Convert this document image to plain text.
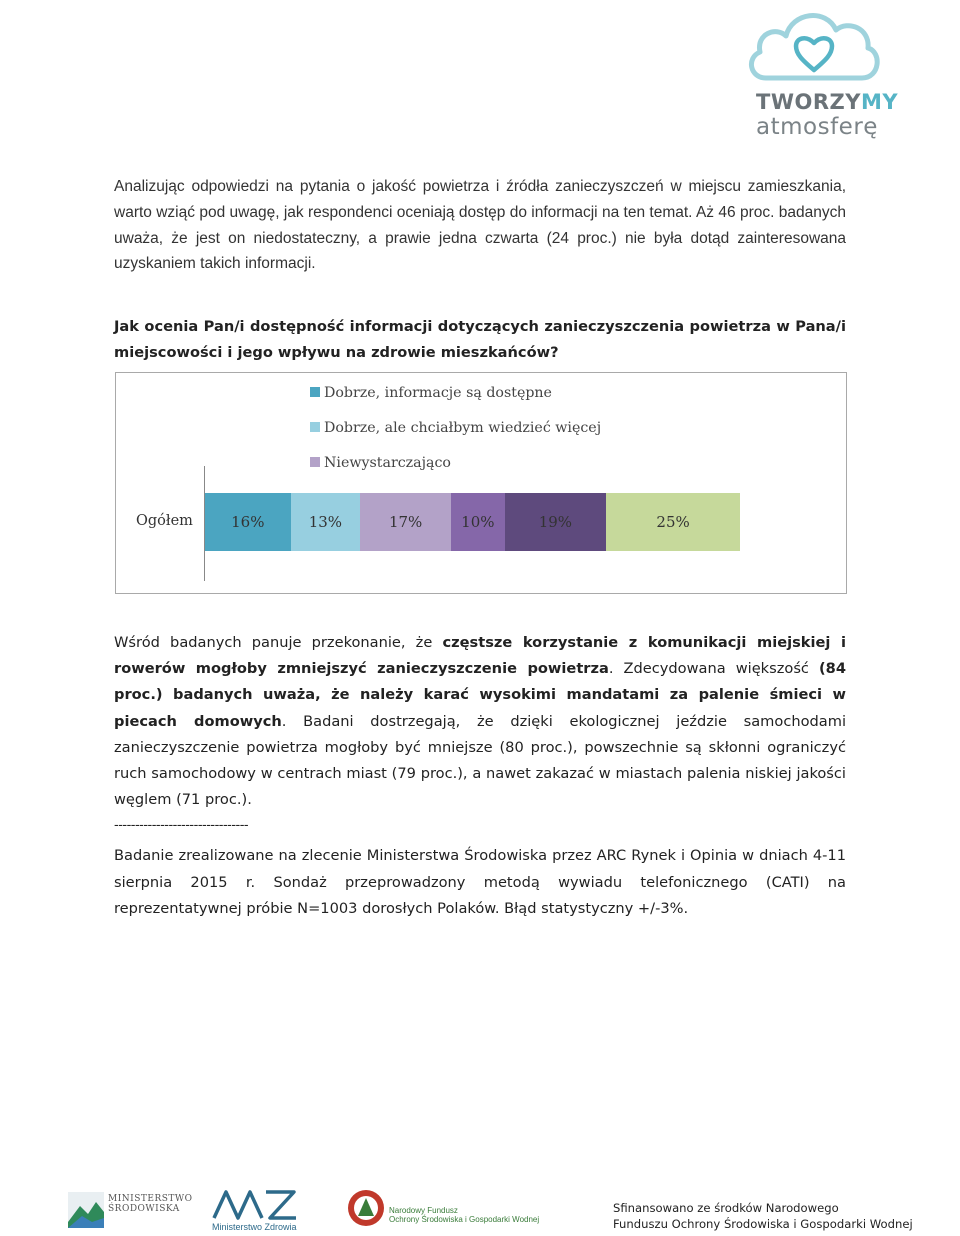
TWORZYMY
atmosferę

Analizując odpowiedzi na pytania o jakość powietrza i źródła zanieczyszczeń w miejscu zamieszkania, warto wziąć pod uwagę, jak respondenci oceniają dostęp do informacji na ten temat. Aż 46 proc. badanych uważa, że jest on niedostateczny, a prawie jedna czwarta (24 proc.) nie była dotąd zainteresowana uzyskaniem takich informacji.

Jak ocenia Pan/i dostępność informacji dotyczących zanieczyszczenia powietrza w Pana/i miejscowości i jego wpływu na zdrowie mieszkańców?

Dobrze, informacje są dostępne
Dobrze, ale chciałbym wiedzieć więcej
Niewystarczająco
Ogółem	16%	13%	17%	10%	19%	25%

Wśród badanych panuje przekonanie, że częstsze korzystanie z komunikacji miejskiej i rowerów mogłoby zmniejszyć zanieczyszczenie powietrza. Zdecydowana większość (84 proc.) badanych uważa, że należy karać wysokimi mandatami za palenie śmieci w piecach domowych. Badani dostrzegają, że dzięki ekologicznej jeździe samochodami zanieczyszczenie powietrza mogłoby być mniejsze (80 proc.), powszechnie są skłonni ograniczyć ruch samochodowy w centrach miast (79 proc.), a nawet zakazać w miastach palenia niskiej jakości węglem (71 proc.).

--------------------------------

Badanie zrealizowane na zlecenie Ministerstwa Środowiska przez ARC Rynek i Opinia w dniach 4-11 sierpnia 2015 r. Sondaż przeprowadzony metodą wywiadu telefonicznego (CATI) na reprezentatywnej próbie N=1003 dorosłych Polaków. Błąd statystyczny +/-3%.

MINISTERSTWO
ŚRODOWISKA
Ministerstwo Zdrowia
Narodowy Fundusz
Ochrony Środowiska i Gospodarki Wodnej
Sfinansowano ze środków Narodowego
Funduszu Ochrony Środowiska i Gospodarki Wodnej
